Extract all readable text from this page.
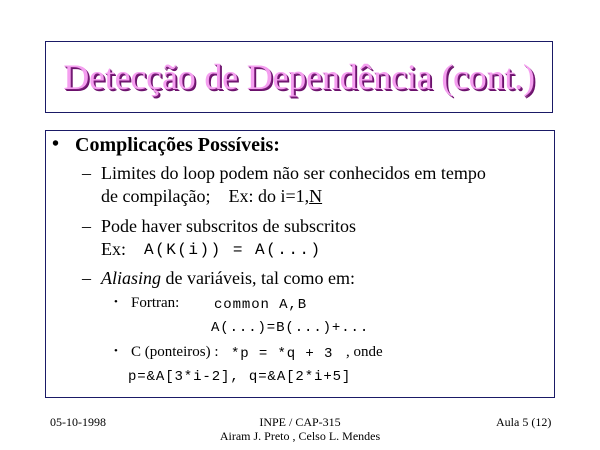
Detecção de Dependência (cont.)
• Complicações Possíveis:
– Limites do loop podem não ser conhecidos em tempo
de compilação;    Ex: do i=1,N
– Pode haver subscritos de subscritos
Ex: A(K(i)) = A(...)
– Aliasing de variáveis, tal como em:
• Fortran: common A,B
A(...)=B(...)+...
• C (ponteiros) : *p = *q + 3 , onde
p=&A[3*i-2], q=&A[2*i+5]
05-10-1998	INPE / CAP-315
Airam J. Preto , Celso L. Mendes
Aula 5 (12)
